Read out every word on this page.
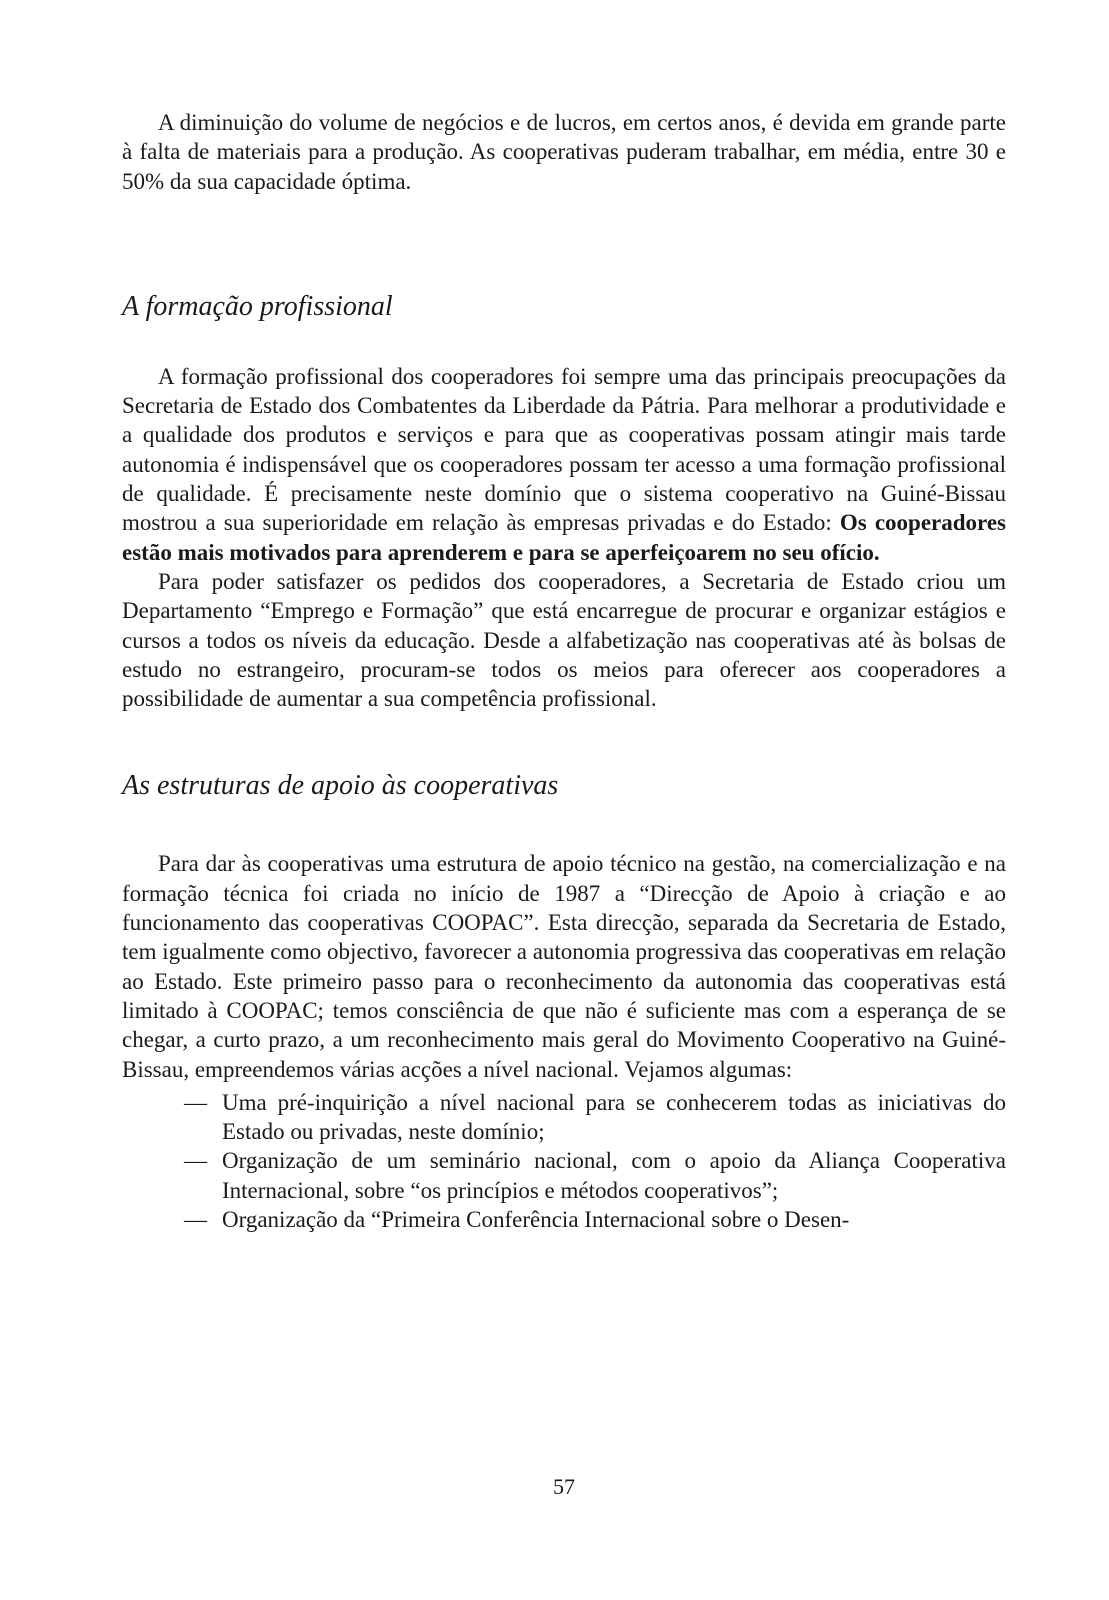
A diminuição do volume de negócios e de lucros, em certos anos, é devida em grande parte à falta de materiais para a produção. As cooperativas puderam trabalhar, em média, entre 30 e 50% da sua capacidade óptima.

A formação profissional

A formação profissional dos cooperadores foi sempre uma das principais preocupações da Secretaria de Estado dos Combatentes da Liberdade da Pátria. Para melhorar a produtividade e a qualidade dos produtos e serviços e para que as cooperativas possam atingir mais tarde autonomia é indispensável que os cooperadores possam ter acesso a uma formação profissional de qualidade. É precisamente neste domínio que o sistema cooperativo na Guiné-Bissau mostrou a sua superioridade em relação às empresas privadas e do Estado: Os cooperadores estão mais motivados para aprenderem e para se aperfeiçoarem no seu ofício.

Para poder satisfazer os pedidos dos cooperadores, a Secretaria de Estado criou um Departamento “Emprego e Formação” que está encarregue de procurar e organizar estágios e cursos a todos os níveis da educação. Desde a alfabetização nas cooperativas até às bolsas de estudo no estrangeiro, procuram-se todos os meios para oferecer aos cooperadores a possibilidade de aumentar a sua competência profissional.

As estruturas de apoio às cooperativas

Para dar às cooperativas uma estrutura de apoio técnico na gestão, na comercialização e na formação técnica foi criada no início de 1987 a “Direcção de Apoio à criação e ao funcionamento das cooperativas COOPAC”. Esta direcção, separada da Secretaria de Estado, tem igualmente como objectivo, favorecer a autonomia progressiva das cooperativas em relação ao Estado. Este primeiro passo para o reconhecimento da autonomia das cooperativas está limitado à COOPAC; temos consciência de que não é suficiente mas com a esperança de se chegar, a curto prazo, a um reconhecimento mais geral do Movimento Cooperativo na Guiné-Bissau, empreendemos várias acções a nível nacional. Vejamos algumas:

— Uma pré-inquirição a nível nacional para se conhecerem todas as iniciativas do Estado ou privadas, neste domínio;
— Organização de um seminário nacional, com o apoio da Aliança Cooperativa Internacional, sobre “os princípios e métodos cooperativos”;
— Organização da “Primeira Conferência Internacional sobre o Desen-
57
